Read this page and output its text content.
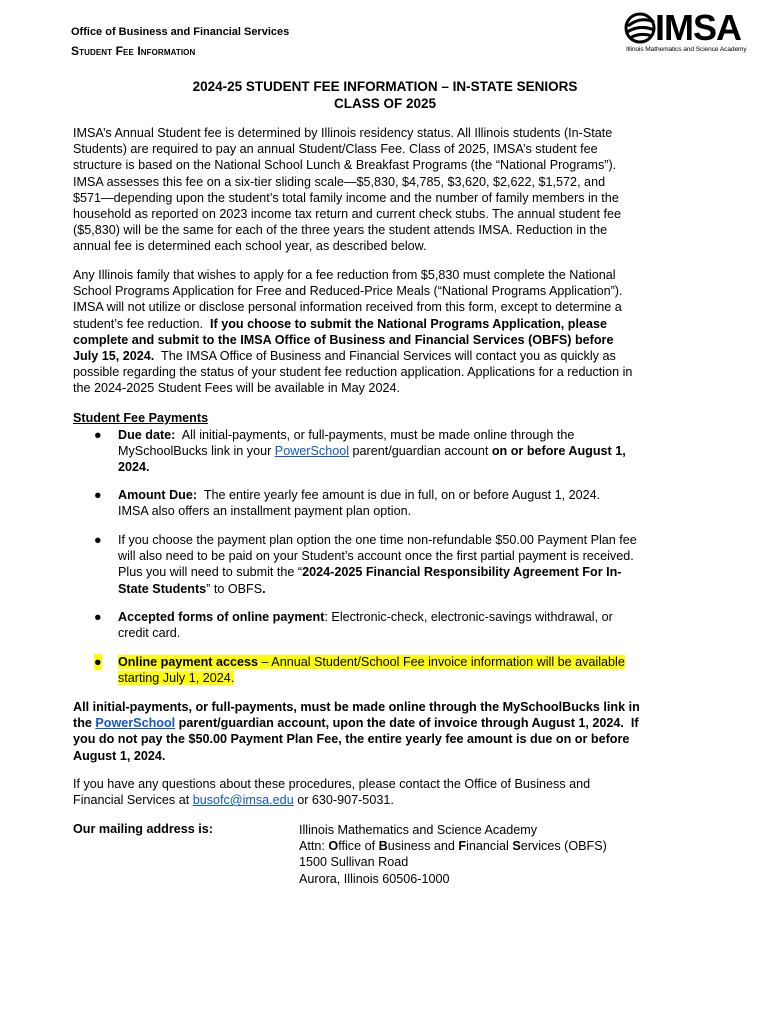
Office of Business and Financial Services
Student Fee Information
IMSA
Illinois Mathematics and Science Academy
2024-25 STUDENT FEE INFORMATION – IN-STATE SENIORS
CLASS OF 2025
IMSA’s Annual Student fee is determined by Illinois residency status. All Illinois students (In-State
Students) are required to pay an annual Student/Class Fee. Class of 2025, IMSA’s student fee
structure is based on the National School Lunch & Breakfast Programs (the “National Programs”).
IMSA assesses this fee on a six-tier sliding scale—$5,830, $4,785, $3,620, $2,622, $1,572, and
$571—depending upon the student’s total family income and the number of family members in the
household as reported on 2023 income tax return and current check stubs. The annual student fee
($5,830) will be the same for each of the three years the student attends IMSA. Reduction in the
annual fee is determined each school year, as described below.
Any Illinois family that wishes to apply for a fee reduction from $5,830 must complete the National
School Programs Application for Free and Reduced-Price Meals (“National Programs Application”).
IMSA will not utilize or disclose personal information received from this form, except to determine a
student’s fee reduction.  If you choose to submit the National Programs Application, please
complete and submit to the IMSA Office of Business and Financial Services (OBFS) before
July 15, 2024.  The IMSA Office of Business and Financial Services will contact you as quickly as
possible regarding the status of your student fee reduction application. Applications for a reduction in
the 2024-2025 Student Fees will be available in May 2024.
Student Fee Payments
●	Due date:  All initial-payments, or full-payments, must be made online through the
MySchoolBucks link in your PowerSchool parent/guardian account on or before August 1,
2024.
●	Amount Due:  The entire yearly fee amount is due in full, on or before August 1, 2024.
IMSA also offers an installment payment plan option.
●	If you choose the payment plan option the one time non-refundable $50.00 Payment Plan fee
will also need to be paid on your Student’s account once the first partial payment is received.
Plus you will need to submit the “2024-2025 Financial Responsibility Agreement For In-
State Students” to OBFS.
●	Accepted forms of online payment: Electronic-check, electronic-savings withdrawal, or
credit card.
● Online payment access – Annual Student/School Fee invoice information will be available
starting July 1, 2024.
All initial-payments, or full-payments, must be made online through the MySchoolBucks link in
the PowerSchool parent/guardian account, upon the date of invoice through August 1, 2024.  If
you do not pay the $50.00 Payment Plan Fee, the entire yearly fee amount is due on or before
August 1, 2024.
If you have any questions about these procedures, please contact the Office of Business and
Financial Services at busofc@imsa.edu or 630-907-5031.
Our mailing address is:	Illinois Mathematics and Science Academy
Attn: Office of Business and Financial Services (OBFS)
1500 Sullivan Road
Aurora, Illinois 60506-1000
